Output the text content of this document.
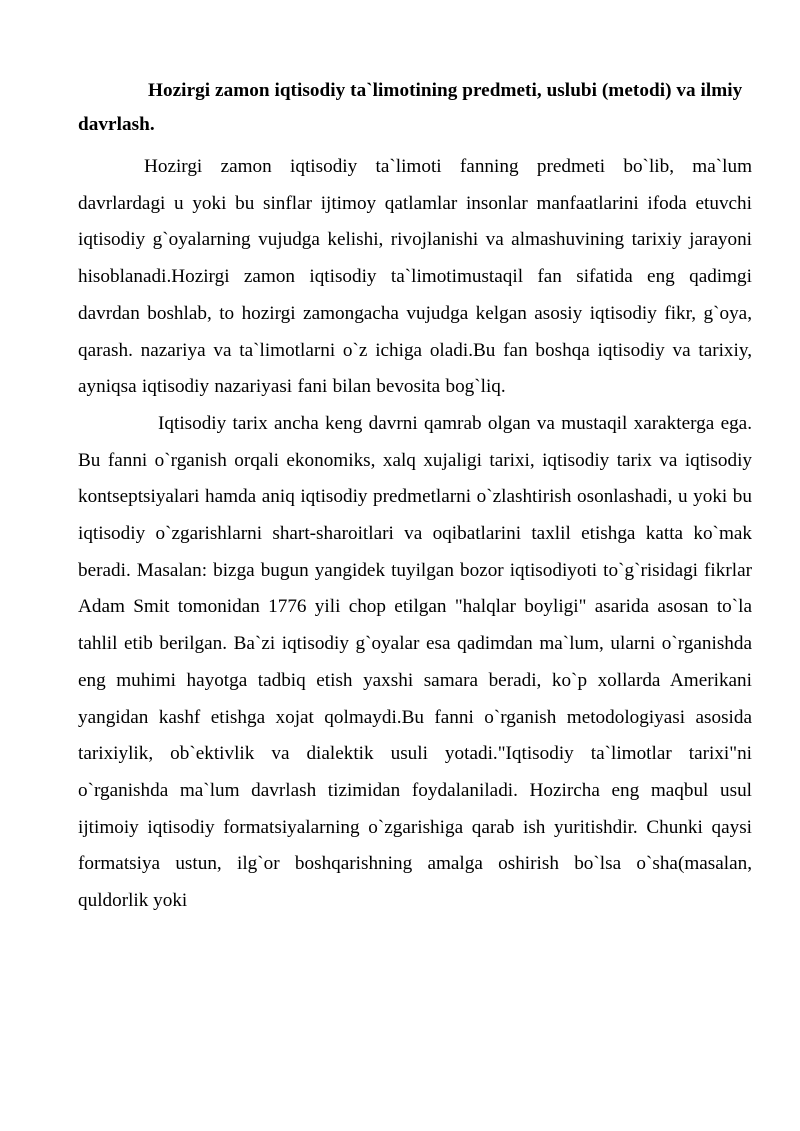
Hozirgi zamon iqtisodiy ta`limotining predmeti, uslubi (metodi) va ilmiy davrlash.

Hozirgi zamon iqtisodiy ta`limoti fanning predmeti bo`lib, ma`lum davrlardagi u yoki bu sinflar ijtimoy qatlamlar insonlar manfaatlarini ifoda etuvchi iqtisodiy g`oyalarning vujudga kelishi, rivojlanishi va almashuvining tarixiy jarayoni hisoblanadi.Hozirgi zamon iqtisodiy ta`limotimustaqil fan sifatida eng qadimgi davrdan boshlab, to hozirgi zamongacha vujudga kelgan asosiy iqtisodiy fikr, g`oya, qarash. nazariya va ta`limotlarni o`z ichiga oladi.Bu fan boshqa iqtisodiy va tarixiy, ayniqsa iqtisodiy nazariyasi fani bilan bevosita bog`liq.

Iqtisodiy tarix ancha keng davrni qamrab olgan va mustaqil xarakterga ega. Bu fanni o`rganish orqali ekonomiks, xalq xujaligi tarixi, iqtisodiy tarix va iqtisodiy kontseptsiyalari hamda aniq iqtisodiy predmetlarni o`zlashtirish osonlashadi, u yoki bu iqtisodiy o`zgarishlarni shart-sharoitlari va oqibatlarini taxlil etishga katta ko`mak beradi. Masalan: bizga bugun yangidek tuyilgan bozor iqtisodiyoti to`g`risidagi fikrlar Adam Smit tomonidan 1776 yili chop etilgan "halqlar boyligi" asarida asosan to`la tahlil etib berilgan. Ba`zi iqtisodiy g`oyalar esa qadimdan ma`lum, ularni o`rganishda eng muhimi hayotga tadbiq etish yaxshi samara beradi, ko`p xollarda Amerikani yangidan kashf etishga xojat qolmaydi.Bu fanni o`rganish metodologiyasi asosida tarixiylik, ob`ektivlik va dialektik usuli yotadi."Iqtisodiy ta`limotlar tarixi"ni o`rganishda ma`lum davrlash tizimidan foydalaniladi. Hozircha eng maqbul usul ijtimoiy iqtisodiy formatsiyalarning o`zgarishiga qarab ish yuritishdir. Chunki qaysi formatsiya ustun, ilg`or boshqarishning amalga oshirish bo`lsa o`sha(masalan, quldorlik yoki
